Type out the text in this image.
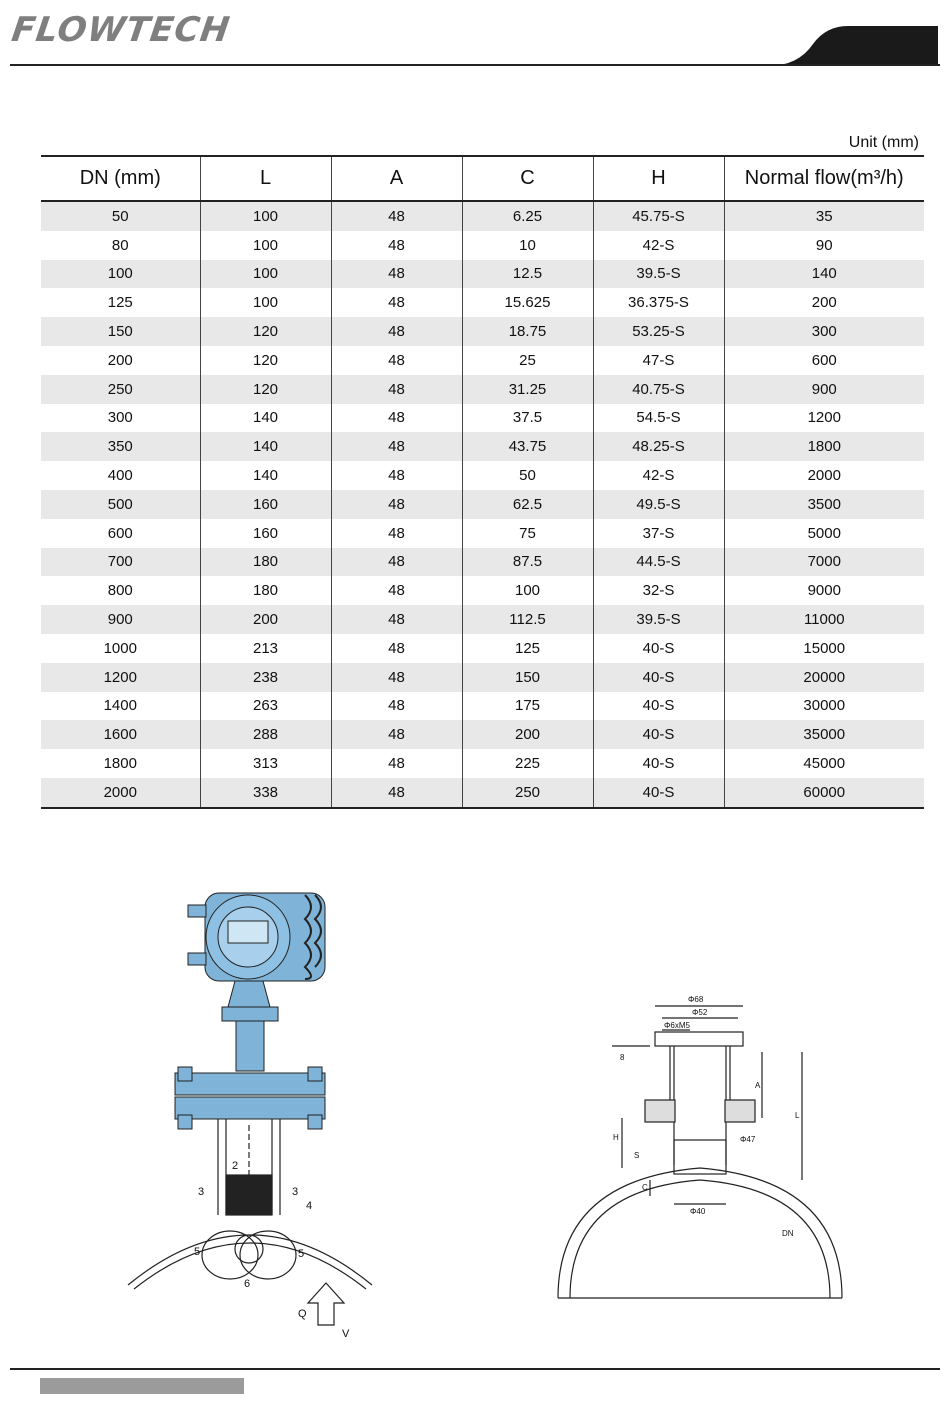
FLOWTECH
Unit (mm)
DN (mm)	L	A	C	H	Normal flow(m³/h)
50	100	48	6.25	45.75-S	35
80	100	48	10	42-S	90
100	100	48	12.5	39.5-S	140
125	100	48	15.625	36.375-S	200
150	120	48	18.75	53.25-S	300
200	120	48	25	47-S	600
250	120	48	31.25	40.75-S	900
300	140	48	37.5	54.5-S	1200
350	140	48	43.75	48.25-S	1800
400	140	48	50	42-S	2000
500	160	48	62.5	49.5-S	3500
600	160	48	75	37-S	5000
700	180	48	87.5	44.5-S	7000
800	180	48	100	32-S	9000
900	200	48	112.5	39.5-S	11000
1000	213	48	125	40-S	15000
1200	238	48	150	40-S	20000
1400	263	48	175	40-S	30000
1600	288	48	200	40-S	35000
1800	313	48	225	40-S	45000
2000	338	48	250	40-S	60000
2
3	3
4
5	5
6
Q
V
Φ68
Φ52
Φ6xM5
8
A
L
H
S
Φ47
C
Φ40
DN
